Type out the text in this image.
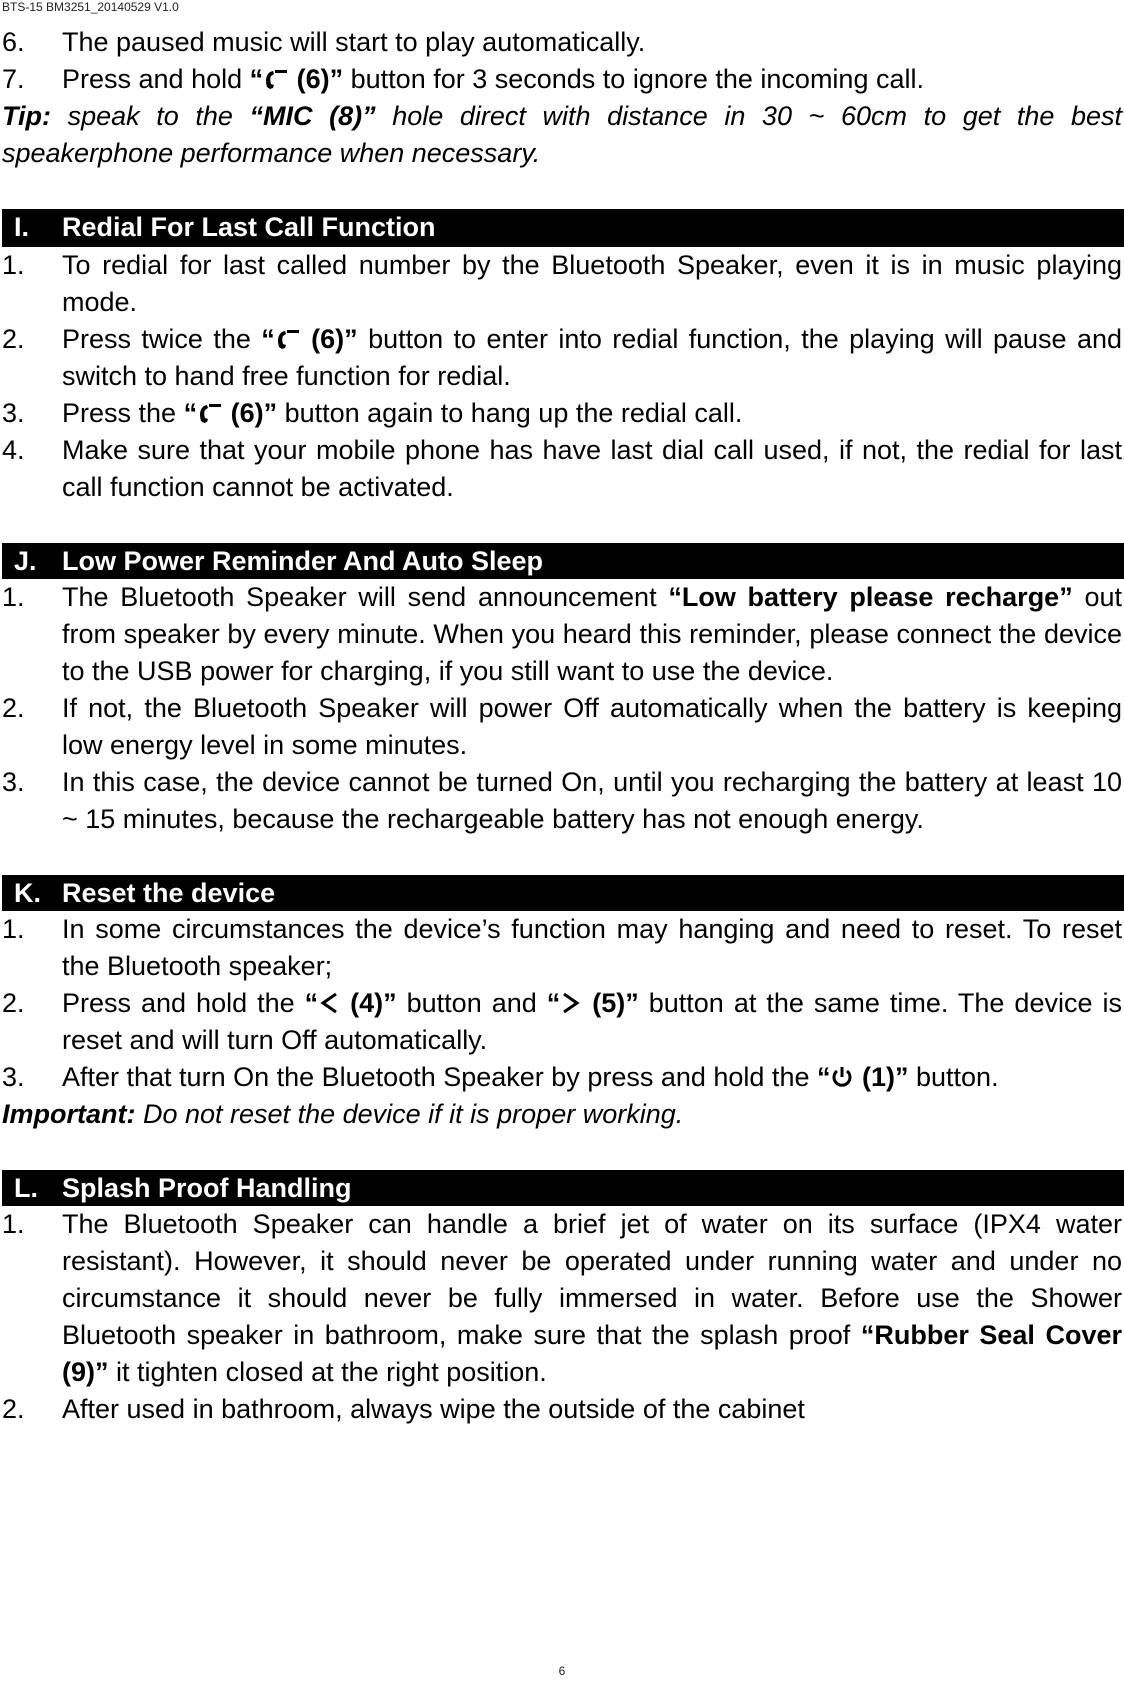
BTS-15 BM3251_20140529 V1.0
6.	The paused music will start to play automatically.
7.	Press and hold “ (6)” button for 3 seconds to ignore the incoming call.
Tip: speak to the “MIC (8)” hole direct with distance in 30 ~ 60cm to get the best speakerphone performance when necessary.
I.	Redial For Last Call Function
1.	To redial for last called number by the Bluetooth Speaker, even it is in music playing mode.
2.	Press twice the “ (6)” button to enter into redial function, the playing will pause and switch to hand free function for redial.
3.	Press the “ (6)” button again to hang up the redial call.
4.	Make sure that your mobile phone has have last dial call used, if not, the redial for last call function cannot be activated.
J. Low Power Reminder And Auto Sleep
1.	The Bluetooth Speaker will send announcement “Low battery please recharge” out from speaker by every minute. When you heard this reminder, please connect the device to the USB power for charging, if you still want to use the device.
2.	If not, the Bluetooth Speaker will power Off automatically when the battery is keeping low energy level in some minutes.
3.	In this case, the device cannot be turned On, until you recharging the battery at least 10 ~ 15 minutes, because the rechargeable battery has not enough energy.
K. Reset the device
1.	In some circumstances the device’s function may hanging and need to reset. To reset the Bluetooth speaker;
2.	Press and hold the “ (4)” button and “ (5)” button at the same time. The device is reset and will turn Off automatically.
3.	After that turn On the Bluetooth Speaker by press and hold the “ (1)” button.
Important: Do not reset the device if it is proper working.
L. Splash Proof Handling
1.	The Bluetooth Speaker can handle a brief jet of water on its surface (IPX4 water resistant). However, it should never be operated under running water and under no circumstance it should never be fully immersed in water. Before use the Shower Bluetooth speaker in bathroom, make sure that the splash proof “Rubber Seal Cover (9)” it tighten closed at the right position.
2.	After used in bathroom, always wipe the outside of the cabinet
6
